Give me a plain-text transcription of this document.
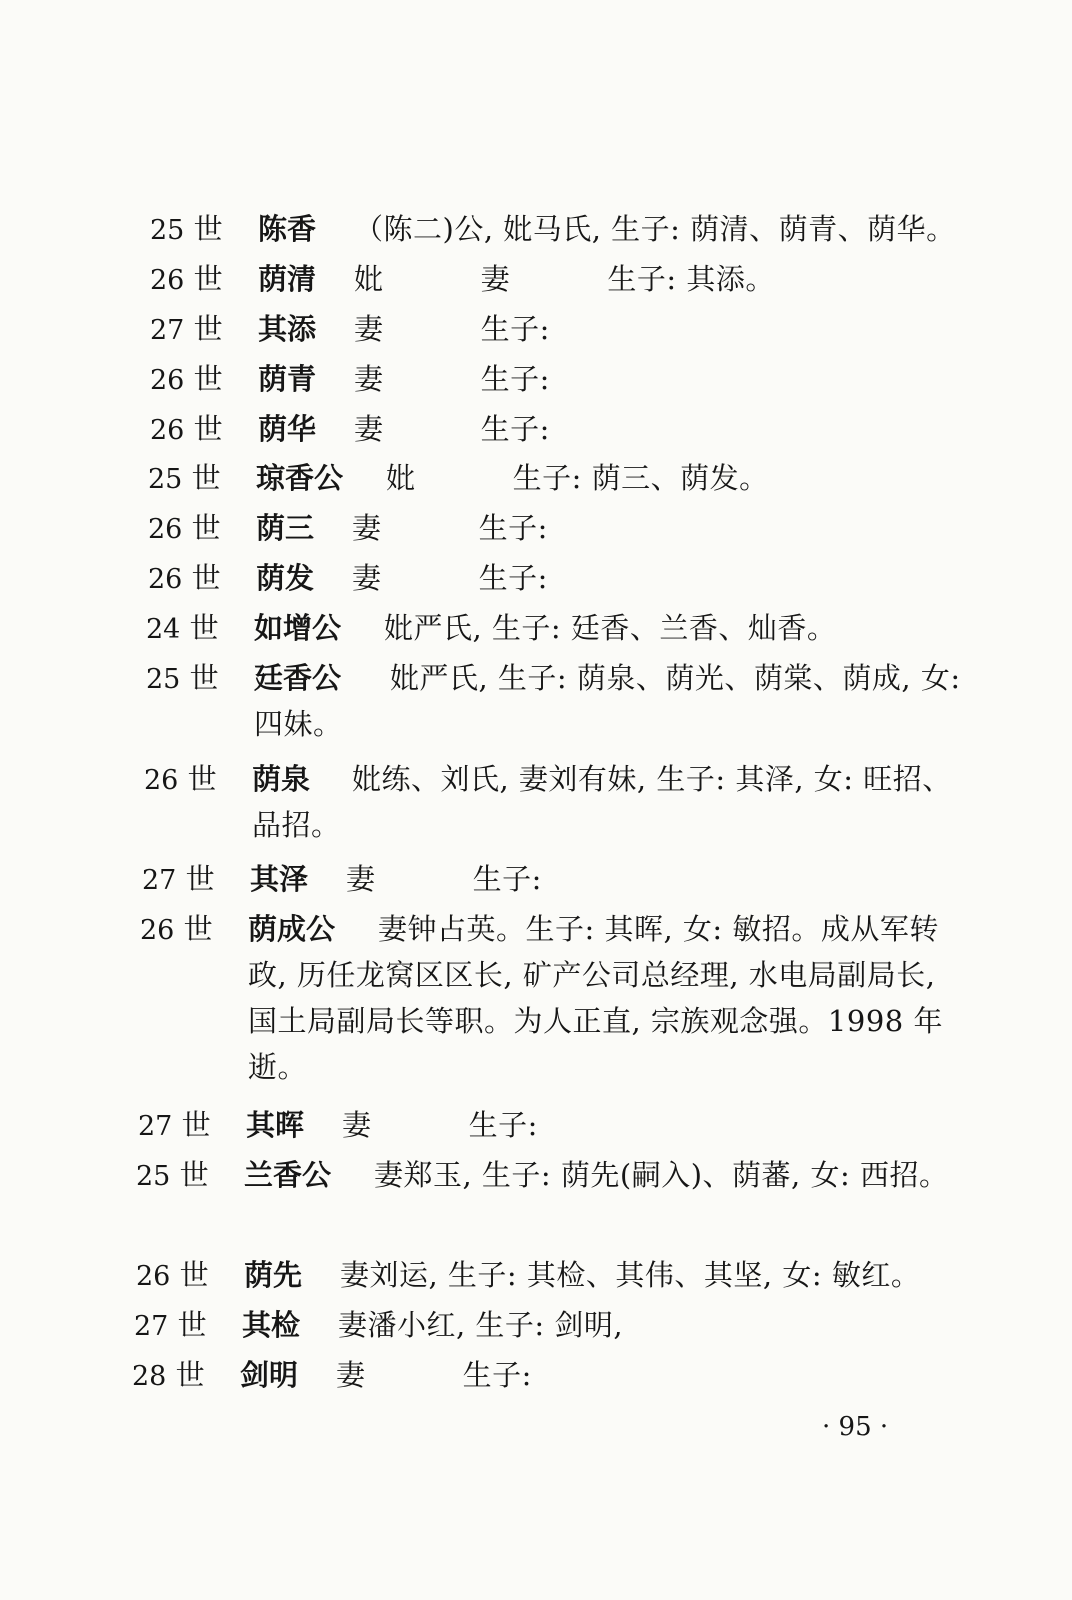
25 世	陈香	（陈二)公, 妣马氏, 生子: 荫清、荫青、荫华。
26 世	荫清	妣          妻          生子: 其添。
27 世	其添	妻          生子:
26 世	荫青	妻          生子:
26 世	荫华	妻          生子:
25 世	琼香公	妣          生子: 荫三、荫发。
26 世	荫三	妻          生子:
26 世	荫发	妻          生子:
24 世	如增公	妣严氏, 生子: 廷香、兰香、灿香。
25 世	廷香公	妣严氏, 生子: 荫泉、荫光、荫棠、荫成, 女: 四妹。
26 世	荫泉	妣练、刘氏, 妻刘有妹, 生子: 其泽, 女: 旺招、品招。
27 世	其泽	妻          生子:
26 世	荫成公	妻钟占英。生子: 其晖, 女: 敏招。成从军转政, 历任龙窝区区长, 矿产公司总经理, 水电局副局长, 国土局副局长等职。为人正直, 宗族观念强。1998 年逝。
27 世	其晖	妻          生子:
25 世	兰香公	妻郑玉, 生子: 荫先(嗣入)、荫蕃, 女: 西招。
26 世	荫先	妻刘运, 生子: 其检、其伟、其坚, 女: 敏红。
27 世	其检	妻潘小红, 生子: 剑明,
28 世	剑明	妻          生子:
· 95 ·
